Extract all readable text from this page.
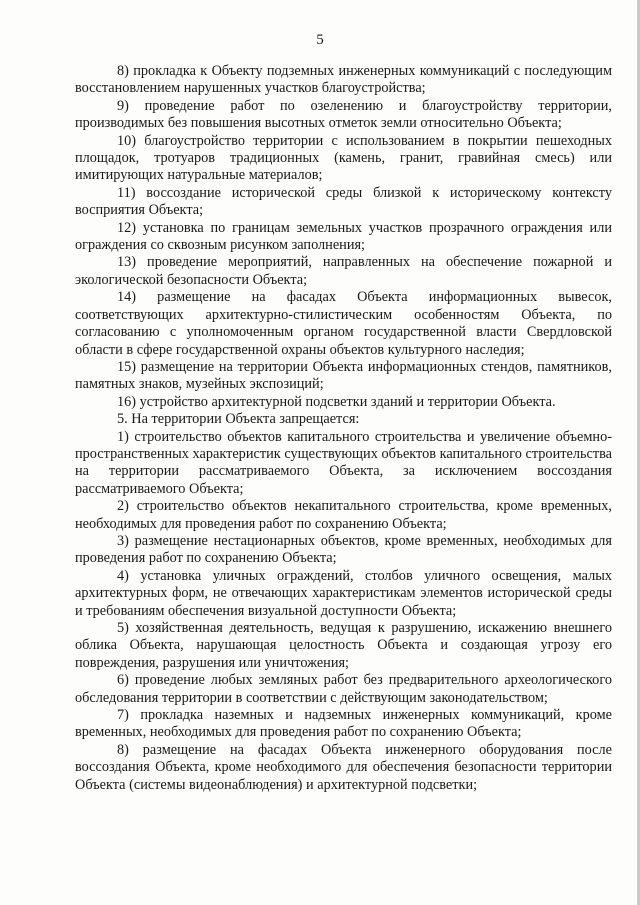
5

8) прокладка к Объекту подземных инженерных коммуникаций с последующим восстановлением нарушенных участков благоустройства;

9) проведение работ по озеленению и благоустройству территории, производимых без повышения высотных отметок земли относительно Объекта;

10) благоустройство территории с использованием в покрытии пешеходных площадок, тротуаров традиционных (камень, гранит, гравийная смесь) или имитирующих натуральные материалов;

11) воссоздание исторической среды близкой к историческому контексту восприятия Объекта;

12) установка по границам земельных участков прозрачного ограждения или ограждения со сквозным рисунком заполнения;

13) проведение мероприятий, направленных на обеспечение пожарной и экологической безопасности Объекта;

14) размещение на фасадах Объекта информационных вывесок, соответствующих архитектурно-стилистическим особенностям Объекта, по согласованию с уполномоченным органом государственной власти Свердловской области в сфере государственной охраны объектов культурного наследия;

15) размещение на территории Объекта информационных стендов, памятников, памятных знаков, музейных экспозиций;

16) устройство архитектурной подсветки зданий и территории Объекта.

5. На территории Объекта запрещается:

1) строительство объектов капитального строительства и увеличение объемно-пространственных характеристик существующих объектов капитального строительства на территории рассматриваемого Объекта, за исключением воссоздания рассматриваемого Объекта;

2) строительство объектов некапитального строительства, кроме временных, необходимых для проведения работ по сохранению Объекта;

3) размещение нестационарных объектов, кроме временных, необходимых для проведения работ по сохранению Объекта;

4) установка уличных ограждений, столбов уличного освещения, малых архитектурных форм, не отвечающих характеристикам элементов исторической среды и требованиям обеспечения визуальной доступности Объекта;

5) хозяйственная деятельность, ведущая к разрушению, искажению внешнего облика Объекта, нарушающая целостность Объекта и создающая угрозу его повреждения, разрушения или уничтожения;

6) проведение любых земляных работ без предварительного археологического обследования территории в соответствии с действующим законодательством;

7) прокладка наземных и надземных инженерных коммуникаций, кроме временных, необходимых для проведения работ по сохранению Объекта;

8) размещение на фасадах Объекта инженерного оборудования после воссоздания Объекта, кроме необходимого для обеспечения безопасности территории Объекта (системы видеонаблюдения) и архитектурной подсветки;
